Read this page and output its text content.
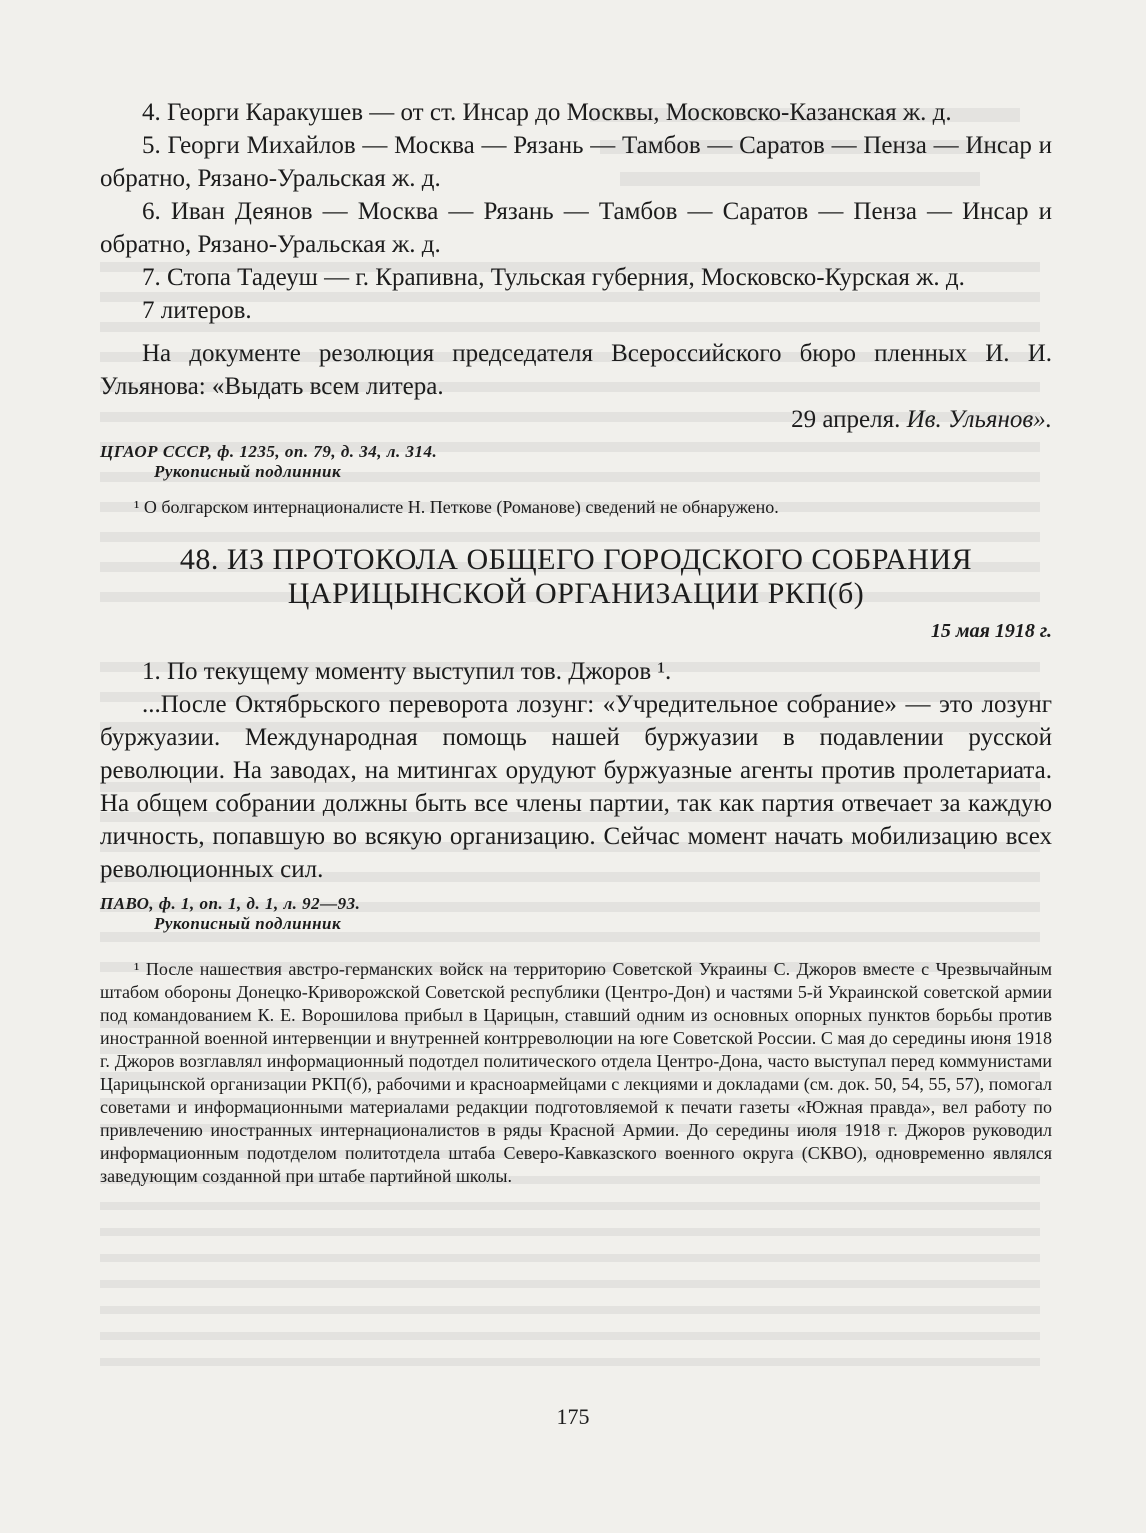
4. Георги Каракушев — от ст. Инсар до Москвы, Московско-Казанская ж. д.

5. Георги Михайлов — Москва — Рязань — Тамбов — Саратов — Пенза — Инсар и обратно, Рязано-Уральская ж. д.

6. Иван Деянов — Москва — Рязань — Тамбов — Саратов — Пенза — Инсар и обратно, Рязано-Уральская ж. д.

7. Стопа Тадеуш — г. Крапивна, Тульская губерния, Московско-Курская ж. д.

7 литеров.

На документе резолюция председателя Всероссийского бюро пленных И. И. Ульянова: «Выдать всем литера.

29 апреля. Ив. Ульянов».
ЦГАОР СССР, ф. 1235, оп. 79, д. 34, л. 314.
Рукописный подлинник

¹ О болгарском интернационалисте Н. Петкове (Романове) сведений не обнаружено.

48. ИЗ ПРОТОКОЛА ОБЩЕГО ГОРОДСКОГО СОБРАНИЯ

ЦАРИЦЫНСКОЙ ОРГАНИЗАЦИИ РКП(б)

15 мая 1918 г.

1. По текущему моменту выступил тов. Джоров ¹.

...После Октябрьского переворота лозунг: «Учредительное собрание» — это лозунг буржуазии. Международная помощь нашей буржуазии в подавлении русской революции. На заводах, на митингах орудуют буржуазные агенты против пролетариата. На общем собрании должны быть все члены партии, так как партия отвечает за каждую личность, попавшую во всякую организацию. Сейчас момент начать мобилизацию всех революционных сил.

ПАВО, ф. 1, оп. 1, д. 1, л. 92—93.
Рукописный подлинник

¹ После нашествия австро-германских войск на территорию Советской Украины С. Джоров вместе с Чрезвычайным штабом обороны Донецко-Криворожской Советской республики (Центро-Дон) и частями 5-й Украинской советской армии под командованием К. Е. Ворошилова прибыл в Царицын, ставший одним из основных опорных пунктов борьбы против иностранной военной интервенции и внутренней контрреволюции на юге Советской России. С мая до середины июня 1918 г. Джоров возглавлял информационный подотдел политического отдела Центро-Дона, часто выступал перед коммунистами Царицынской организации РКП(б), рабочими и красноармейцами с лекциями и докладами (см. док. 50, 54, 55, 57), помогал советами и информационными материалами редакции подготовляемой к печати газеты «Южная правда», вел работу по привлечению иностранных интернационалистов в ряды Красной Армии. До середины июля 1918 г. Джоров руководил информационным подотделом политотдела штаба Северо-Кавказского военного округа (СКВО), одновременно являлся заведующим созданной при штабе партийной школы.

175
